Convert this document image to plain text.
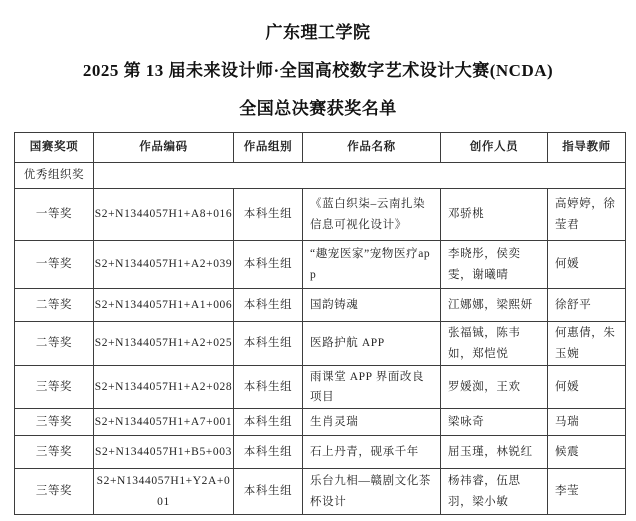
广东理工学院
2025 第 13 届未来设计师·全国高校数字艺术设计大赛(NCDA)
全国总决赛获奖名单
国赛奖项	作品编码	作品组别	作品名称	创作人员	指导教师
优秀组织奖					
一等奖	S2+N1344057H1+A8+016	本科生组	《蓝白织柒–云南扎染信息可视化设计》	邓骄桃	高婷婷，徐莹君
一等奖	S2+N1344057H1+A2+039	本科生组	“趣宠医家”宠物医疗app	李晓彤，侯奕雯，谢曦晴	何媛
二等奖	S2+N1344057H1+A1+006	本科生组	国韵铸魂	江娜娜，梁熙妍	徐舒平
二等奖	S2+N1344057H1+A2+025	本科生组	医路护航 APP	张福铖，陈韦如，郑恺悦	何惠倩，朱玉婉
三等奖	S2+N1344057H1+A2+028	本科生组	雨课堂 APP 界面改良项目	罗媛洳，王欢	何媛
三等奖	S2+N1344057H1+A7+001	本科生组	生肖灵瑞	梁咏奇	马瑞
三等奖	S2+N1344057H1+B5+003	本科生组	石上丹青，砚承千年	屈玉瑾，林锐红	候震
三等奖	S2+N1344057H1+Y2A+001	本科生组	乐台九相—赣剧文化茶杯设计	杨祎睿，伍思羽，梁小敏	李莹
